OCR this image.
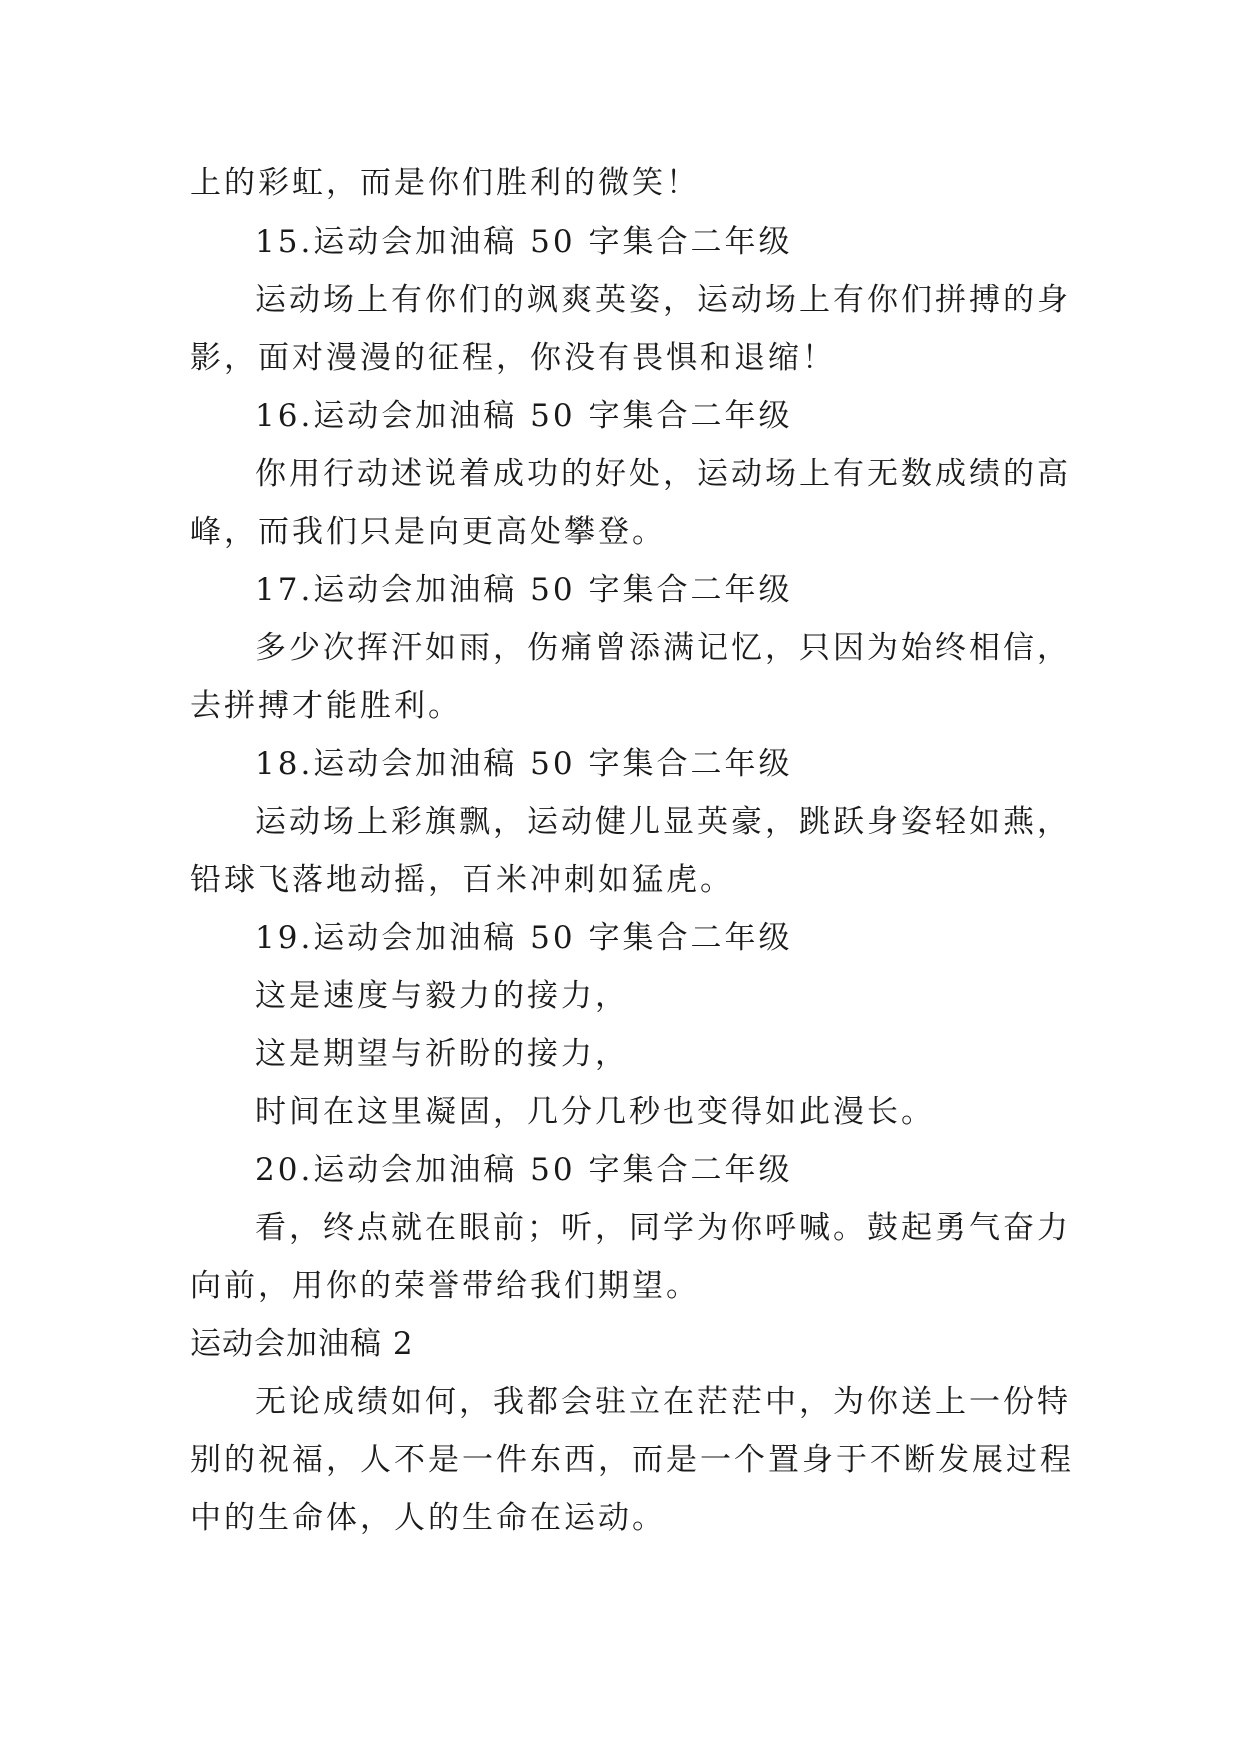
上的彩虹，而是你们胜利的微笑！
15.运动会加油稿 50 字集合二年级
运动场上有你们的飒爽英姿，运动场上有你们拼搏的身
影，面对漫漫的征程，你没有畏惧和退缩！
16.运动会加油稿 50 字集合二年级
你用行动述说着成功的好处，运动场上有无数成绩的高
峰，而我们只是向更高处攀登。
17.运动会加油稿 50 字集合二年级
多少次挥汗如雨，伤痛曾添满记忆，只因为始终相信，
去拼搏才能胜利。
18.运动会加油稿 50 字集合二年级
运动场上彩旗飘，运动健儿显英豪，跳跃身姿轻如燕，
铅球飞落地动摇，百米冲刺如猛虎。
19.运动会加油稿 50 字集合二年级
这是速度与毅力的接力，
这是期望与祈盼的接力，
时间在这里凝固，几分几秒也变得如此漫长。
20.运动会加油稿 50 字集合二年级
看，终点就在眼前；听，同学为你呼喊。鼓起勇气奋力
向前，用你的荣誉带给我们期望。
运动会加油稿 2
无论成绩如何，我都会驻立在茫茫中，为你送上一份特
别的祝福，人不是一件东西，而是一个置身于不断发展过程
中的生命体，人的生命在运动。
